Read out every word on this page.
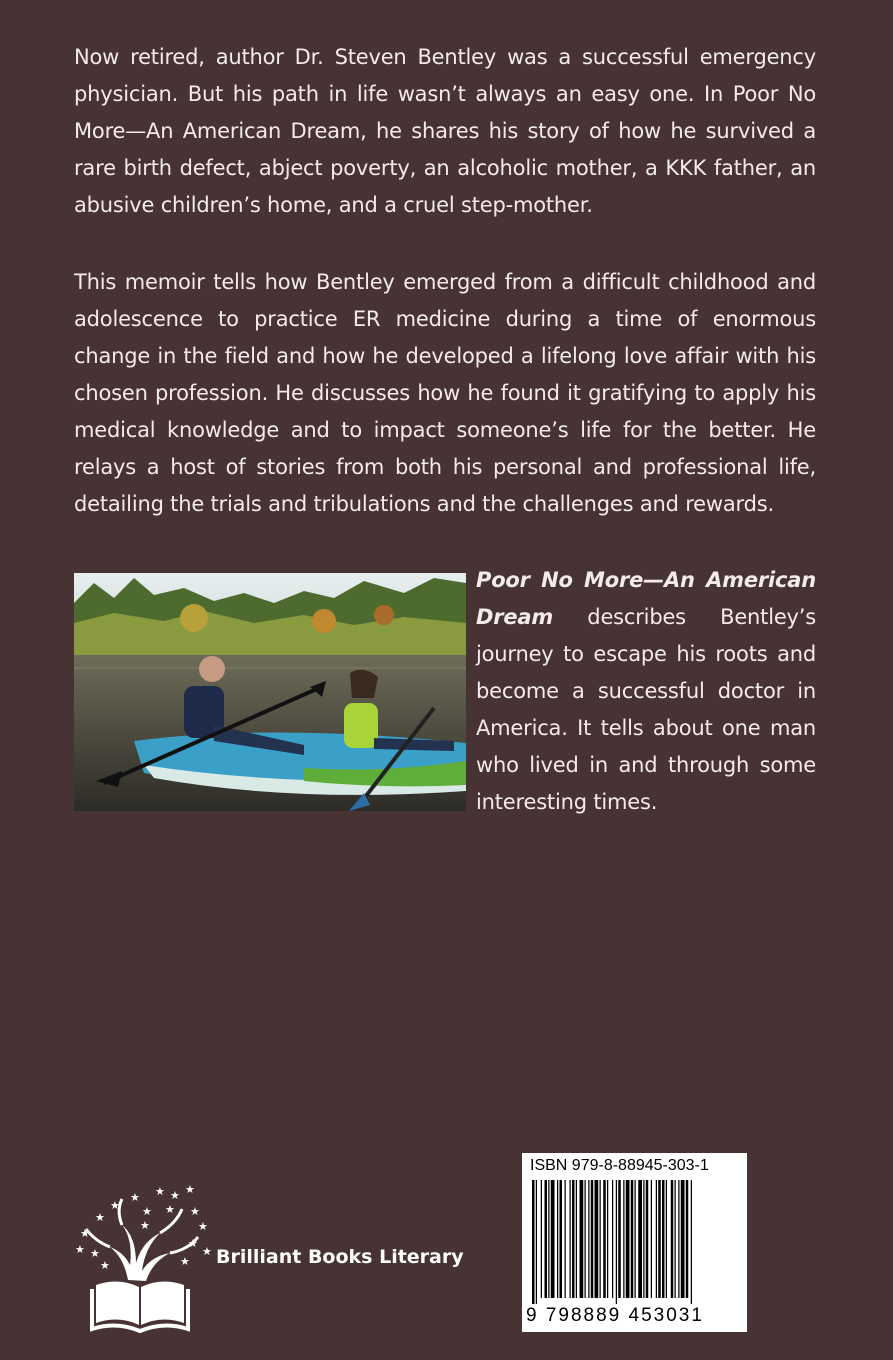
Now retired, author Dr. Steven Bentley was a successful emergency physician. But his path in life wasn’t always an easy one. In Poor No More—An American Dream, he shares his story of how he survived a rare birth defect, abject poverty, an alcoholic mother, a KKK father, an abusive children’s home, and a cruel step-mother.

This memoir tells how Bentley emerged from a difficult childhood and adolescence to practice ER medicine during a time of enormous change in the field and how he developed a lifelong love affair with his chosen profession. He discusses how he found it gratifying to apply his medical knowledge and to impact someone’s life for the better. He relays a host of stories from both his personal and professional life, detailing the trials and tribulations and the challenges and rewards.

Poor No More—An American Dream describes Bentley’s journey to escape his roots and become a successful doctor in America. It tells about one man who lived in and through some interesting times.

★ ★ ★
★
★
★
★
★ ★
★ ★ ★
★
★
★
★	★
★
Brilliant Books Literary
ISBN 979-8-88945-303-1
9 798889 453031
